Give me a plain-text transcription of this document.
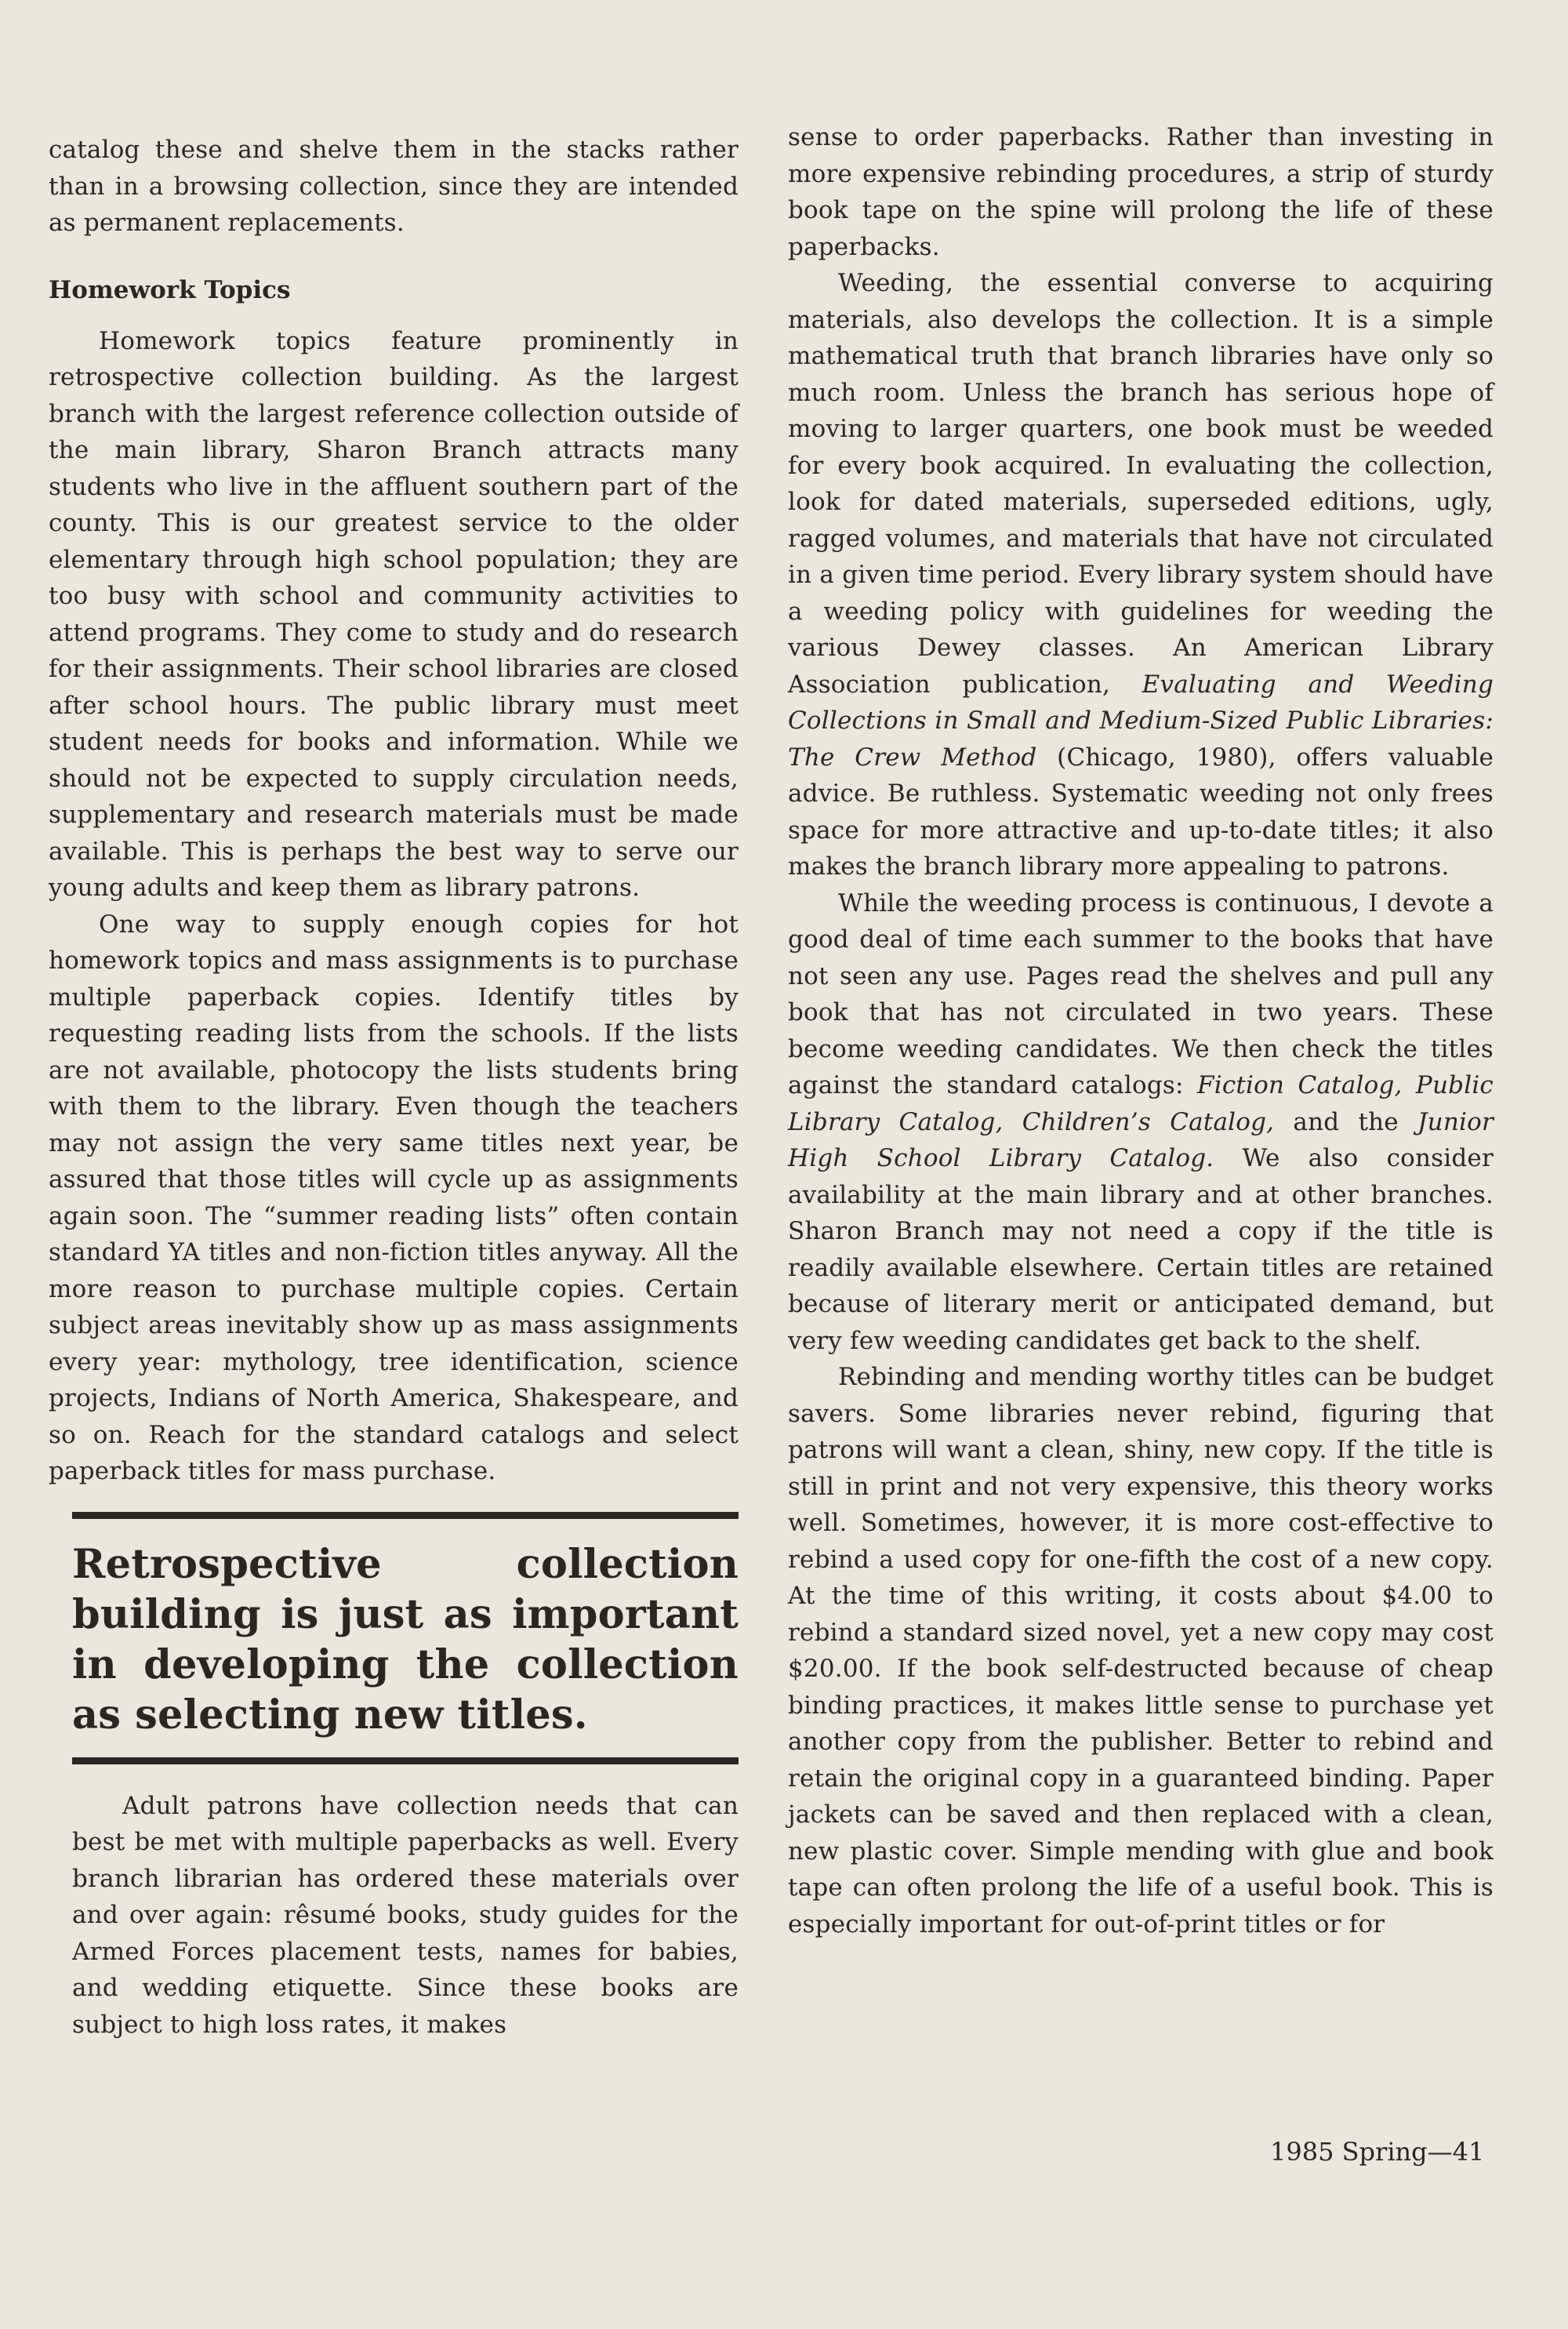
catalog these and shelve them in the stacks rather than in a browsing collection, since they are intended as permanent replacements.

Homework Topics

Homework topics feature prominently in retrospective collection building. As the largest branch with the largest reference collection outside of the main library, Sharon Branch attracts many students who live in the affluent southern part of the county. This is our greatest service to the older elementary through high school population; they are too busy with school and community activities to attend programs. They come to study and do research for their assignments. Their school libraries are closed after school hours. The public library must meet student needs for books and information. While we should not be expected to supply circulation needs, supplementary and research materials must be made available. This is perhaps the best way to serve our young adults and keep them as library patrons.

One way to supply enough copies for hot homework topics and mass assignments is to purchase multiple paperback copies. Identify titles by requesting reading lists from the schools. If the lists are not available, photocopy the lists students bring with them to the library. Even though the teachers may not assign the very same titles next year, be assured that those titles will cycle up as assignments again soon. The “summer reading lists” often contain standard YA titles and non-fiction titles anyway. All the more reason to purchase multiple copies. Certain subject areas inevitably show up as mass assignments every year: mythology, tree identification, science projects, Indians of North America, Shakespeare, and so on. Reach for the standard catalogs and select paperback titles for mass purchase.

Retrospective collection building is just as important in developing the collection as selecting new titles.

Adult patrons have collection needs that can best be met with multiple paperbacks as well. Every branch librarian has ordered these materials over and over again: rêsumé books, study guides for the Armed Forces placement tests, names for babies, and wedding etiquette. Since these books are subject to high loss rates, it makes

sense to order paperbacks. Rather than investing in more expensive rebinding procedures, a strip of sturdy book tape on the spine will prolong the life of these paperbacks.

Weeding, the essential converse to acquiring materials, also develops the collection. It is a simple mathematical truth that branch libraries have only so much room. Unless the branch has serious hope of moving to larger quarters, one book must be weeded for every book acquired. In evaluating the collection, look for dated materials, superseded editions, ugly, ragged volumes, and materials that have not circulated in a given time period. Every library system should have a weeding policy with guidelines for weeding the various Dewey classes. An American Library Association publication, Evaluating and Weeding Collections in Small and Medium-Sized Public Libraries: The Crew Method (Chicago, 1980), offers valuable advice. Be ruthless. Systematic weeding not only frees space for more attractive and up-to-date titles; it also makes the branch library more appealing to patrons.

While the weeding process is continuous, I devote a good deal of time each summer to the books that have not seen any use. Pages read the shelves and pull any book that has not circulated in two years. These become weeding candidates. We then check the titles against the standard catalogs: Fiction Catalog, Public Library Catalog, Children’s Catalog, and the Junior High School Library Catalog. We also consider availability at the main library and at other branches. Sharon Branch may not need a copy if the title is readily available elsewhere. Certain titles are retained because of literary merit or anticipated demand, but very few weeding candidates get back to the shelf.

Rebinding and mending worthy titles can be budget savers. Some libraries never rebind, figuring that patrons will want a clean, shiny, new copy. If the title is still in print and not very expensive, this theory works well. Sometimes, however, it is more cost-effective to rebind a used copy for one-fifth the cost of a new copy. At the time of this writing, it costs about $4.00 to rebind a standard sized novel, yet a new copy may cost $20.00. If the book self-destructed because of cheap binding practices, it makes little sense to purchase yet another copy from the publisher. Better to rebind and retain the original copy in a guaranteed binding. Paper jackets can be saved and then replaced with a clean, new plastic cover. Simple mending with glue and book tape can often prolong the life of a useful book. This is especially important for out-of-print titles or for

1985 Spring—41
